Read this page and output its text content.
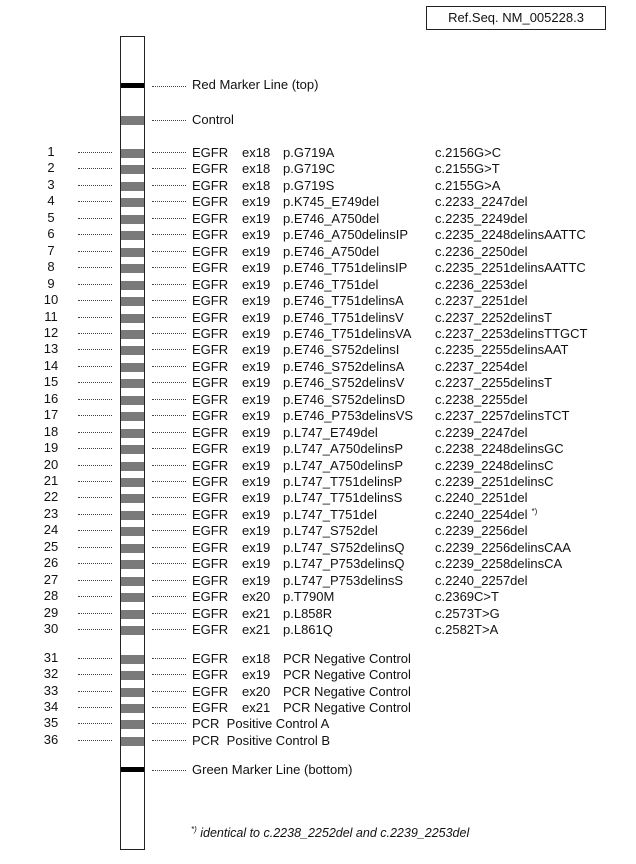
Ref.Seq. NM_005228.3
Red Marker Line (top)
Control
1	EGFR ex18 p.G719A	c.2156G>C
2	EGFR ex18 p.G719C	c.2155G>T
3	EGFR ex18 p.G719S	c.2155G>A
4	EGFR ex19 p.K745_E749del	c.2233_2247del
5	EGFR ex19 p.E746_A750del	c.2235_2249del
6	EGFR ex19 p.E746_A750delinsIP c.2235_2248delinsAATTC
7	EGFR ex19 p.E746_A750del	c.2236_2250del
8	EGFR ex19 p.E746_T751delinsIP c.2235_2251delinsAATTC
9	EGFR ex19 p.E746_T751del	c.2236_2253del
10	EGFR ex19 p.E746_T751delinsA c.2237_2251del
11	EGFR ex19 p.E746_T751delinsV c.2237_2252delinsT
12	EGFR ex19 p.E746_T751delinsVA c.2237_2253delinsTTGCT
13	EGFR ex19 p.E746_S752delinsI	c.2235_2255delinsAAT
14	EGFR ex19 p.E746_S752delinsA c.2237_2254del
15	EGFR ex19 p.E746_S752delinsV c.2237_2255delinsT
16	EGFR ex19 p.E746_S752delinsD c.2238_2255del
17	EGFR ex19 p.E746_P753delinsVS c.2237_2257delinsTCT
18	EGFR ex19 p.L747_E749del	c.2239_2247del
19	EGFR ex19 p.L747_A750delinsP c.2238_2248delinsGC
20	EGFR ex19 p.L747_A750delinsP c.2239_2248delinsC
21	EGFR ex19 p.L747_T751delinsP	c.2239_2251delinsC
22	EGFR ex19 p.L747_T751delinsS	c.2240_2251del
23	EGFR ex19 p.L747_T751del	c.2240_2254del *)
24	EGFR ex19 p.L747_S752del	c.2239_2256del
25	EGFR ex19 p.L747_S752delinsQ c.2239_2256delinsCAA
26	EGFR ex19 p.L747_P753delinsQ c.2239_2258delinsCA
27	EGFR ex19 p.L747_P753delinsS c.2240_2257del
28	EGFR ex20 p.T790M	c.2369C>T
29	EGFR ex21 p.L858R	c.2573T>G
30	EGFR ex21 p.L861Q	c.2582T>A
31	EGFR ex18 PCR Negative Control
32	EGFR ex19 PCR Negative Control
33	EGFR ex20 PCR Negative Control
34	EGFR ex21 PCR Negative Control
35	PCR  Positive Control A
36	PCR  Positive Control B
Green Marker Line (bottom)
*) identical to c.2238_2252del and c.2239_2253del
